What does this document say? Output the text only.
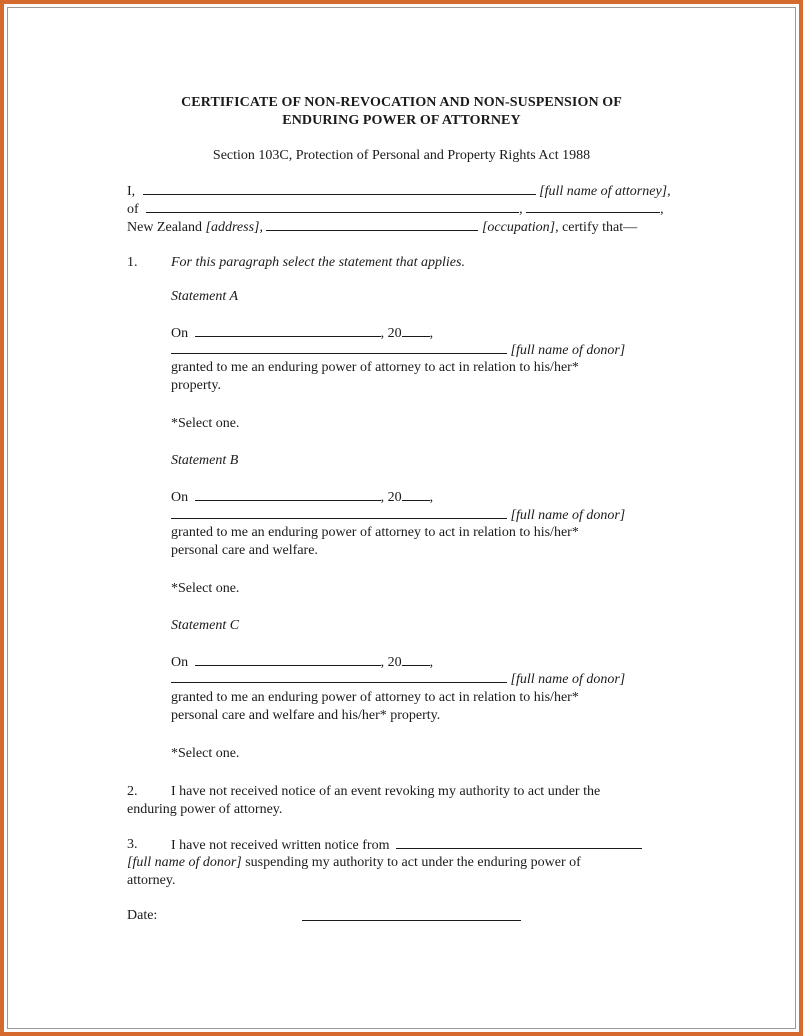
CERTIFICATE OF NON-REVOCATION AND NON-SUSPENSION OF
ENDURING POWER OF ATTORNEY
Section 103C, Protection of Personal and Property Rights Act 1988
I,	[full name of attorney],
of	,	,
New Zealand [address],	[occupation], certify that—
1. For this paragraph select the statement that applies.
Statement A
On	, 20 ,
[full name of donor]
granted to me an enduring power of attorney to act in relation to his/her*
property.
*Select one.
Statement B
On	, 20 ,
[full name of donor]
granted to me an enduring power of attorney to act in relation to his/her*
personal care and welfare.
*Select one.
Statement C
On	, 20 ,
[full name of donor]
granted to me an enduring power of attorney to act in relation to his/her*
personal care and welfare and his/her* property.
*Select one.
2. I have not received notice of an event revoking my authority to act under the
enduring power of attorney.
3. I have not received written notice from
[full name of donor] suspending my authority to act under the enduring power of
attorney.
Date:
